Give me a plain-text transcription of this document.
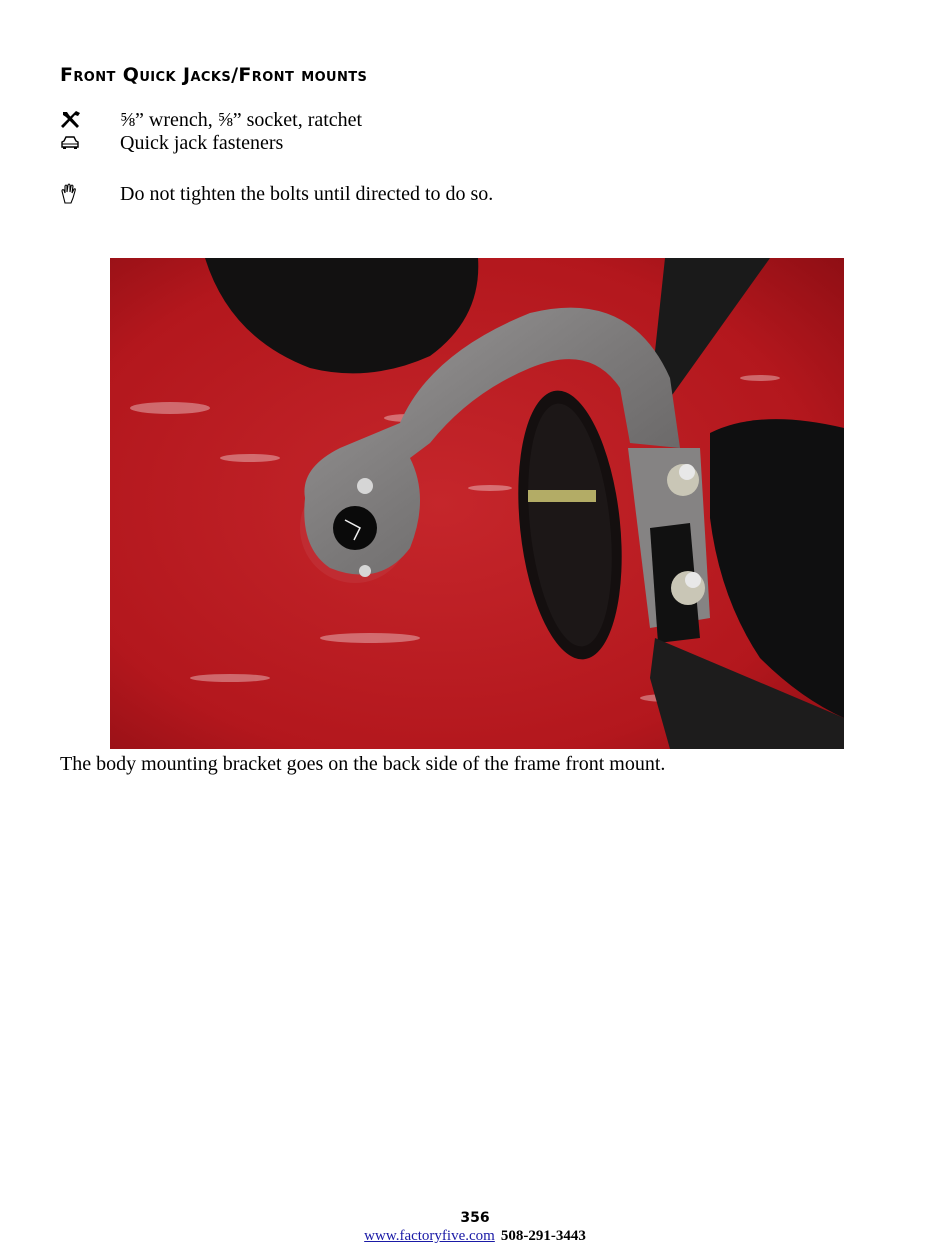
Front Quick Jacks/Front mounts
⅝” wrench, ⅝” socket, ratchet
Quick jack fasteners
Do not tighten the bolts until directed to do so.
The body mounting bracket goes on the back side of the frame front mount.
356
www.factoryfive.com 508-291-3443
